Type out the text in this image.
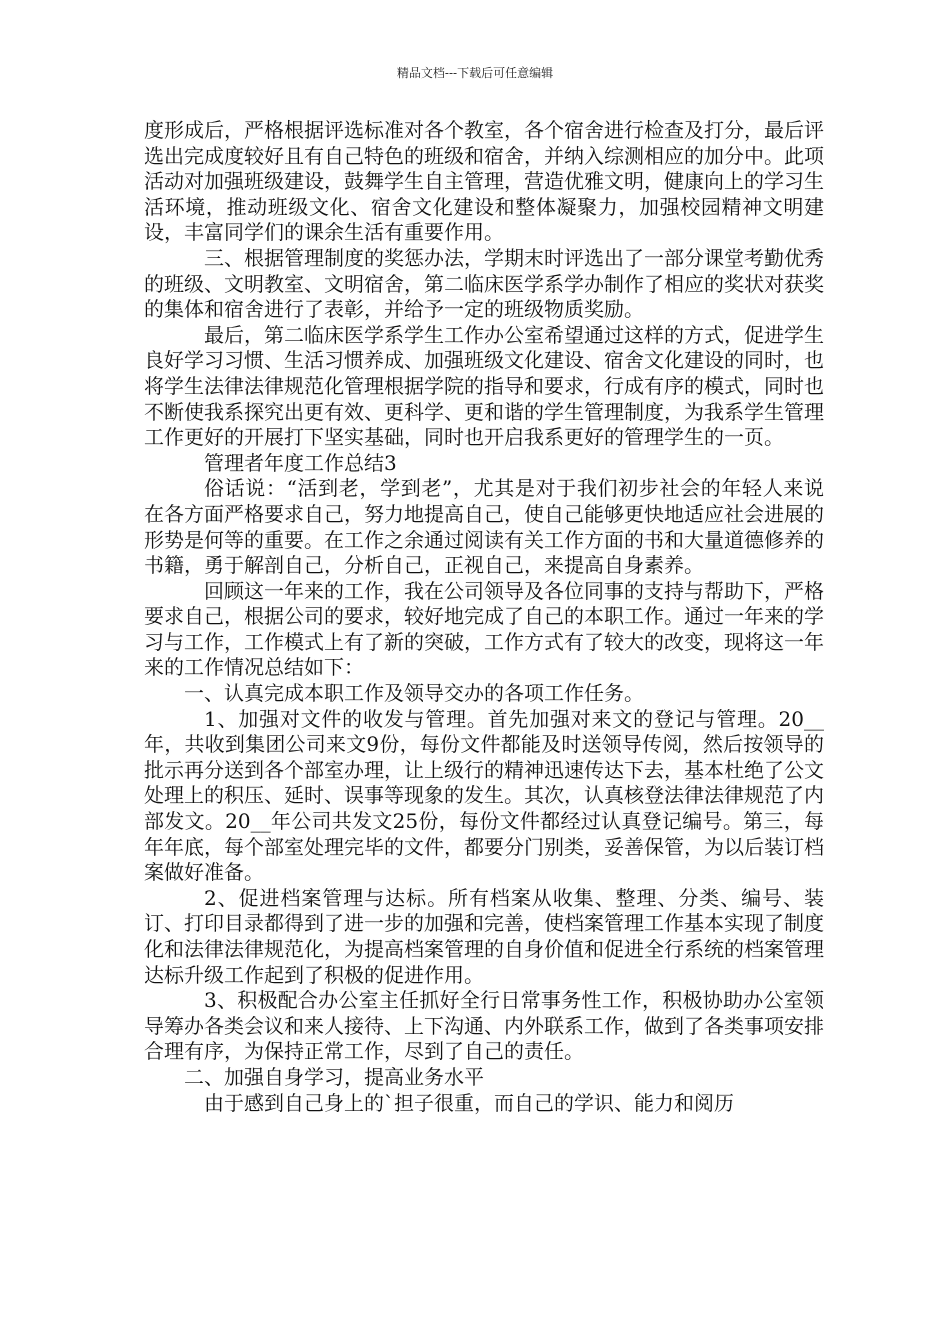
精品文档---下载后可任意编辑

度形成后，严格根据评选标准对各个教室，各个宿舍进行检查及打分，最后评选出完成度较好且有自己特色的班级和宿舍，并纳入综测相应的加分中。此项活动对加强班级建设，鼓舞学生自主管理，营造优雅文明，健康向上的学习生活环境，推动班级文化、宿舍文化建设和整体凝聚力，加强校园精神文明建设，丰富同学们的课余生活有重要作用。

三、根据管理制度的奖惩办法，学期末时评选出了一部分课堂考勤优秀的班级、文明教室、文明宿舍，第二临床医学系学办制作了相应的奖状对获奖的集体和宿舍进行了表彰，并给予一定的班级物质奖励。

最后，第二临床医学系学生工作办公室希望通过这样的方式，促进学生良好学习习惯、生活习惯养成、加强班级文化建设、宿舍文化建设的同时，也将学生法律法律规范化管理根据学院的指导和要求，行成有序的模式，同时也不断使我系探究出更有效、更科学、更和谐的学生管理制度，为我系学生管理工作更好的开展打下坚实基础，同时也开启我系更好的管理学生的一页。

管理者年度工作总结3

俗话说：“活到老，学到老”，尤其是对于我们初步社会的年轻人来说在各方面严格要求自己，努力地提高自己，使自己能够更快地适应社会进展的形势是何等的重要。在工作之余通过阅读有关工作方面的书和大量道德修养的书籍，勇于解剖自己，分析自己，正视自己，来提高自身素养。

回顾这一年来的工作，我在公司领导及各位同事的支持与帮助下，严格要求自己，根据公司的要求，较好地完成了自己的本职工作。通过一年来的学习与工作，工作模式上有了新的突破，工作方式有了较大的改变，现将这一年来的工作情况总结如下：

一、认真完成本职工作及领导交办的各项工作任务。

1、加强对文件的收发与管理。首先加强对来文的登记与管理。20__年，共收到集团公司来文9份，每份文件都能及时送领导传阅，然后按领导的批示再分送到各个部室办理，让上级行的精神迅速传达下去，基本杜绝了公文处理上的积压、延时、误事等现象的发生。其次，认真核登法律法律规范了内部发文。20__年公司共发文25份，每份文件都经过认真登记编号。第三，每年年底，每个部室处理完毕的文件，都要分门别类，妥善保管，为以后装订档案做好准备。

2、促进档案管理与达标。所有档案从收集、整理、分类、编号、装订、打印目录都得到了进一步的加强和完善，使档案管理工作基本实现了制度化和法律法律规范化，为提高档案管理的自身价值和促进全行系统的档案管理达标升级工作起到了积极的促进作用。

3、积极配合办公室主任抓好全行日常事务性工作，积极协助办公室领导筹办各类会议和来人接待、上下沟通、内外联系工作，做到了各类事项安排合理有序，为保持正常工作，尽到了自己的责任。

二、加强自身学习，提高业务水平

由于感到自己身上的`担子很重，而自己的学识、能力和阅历
